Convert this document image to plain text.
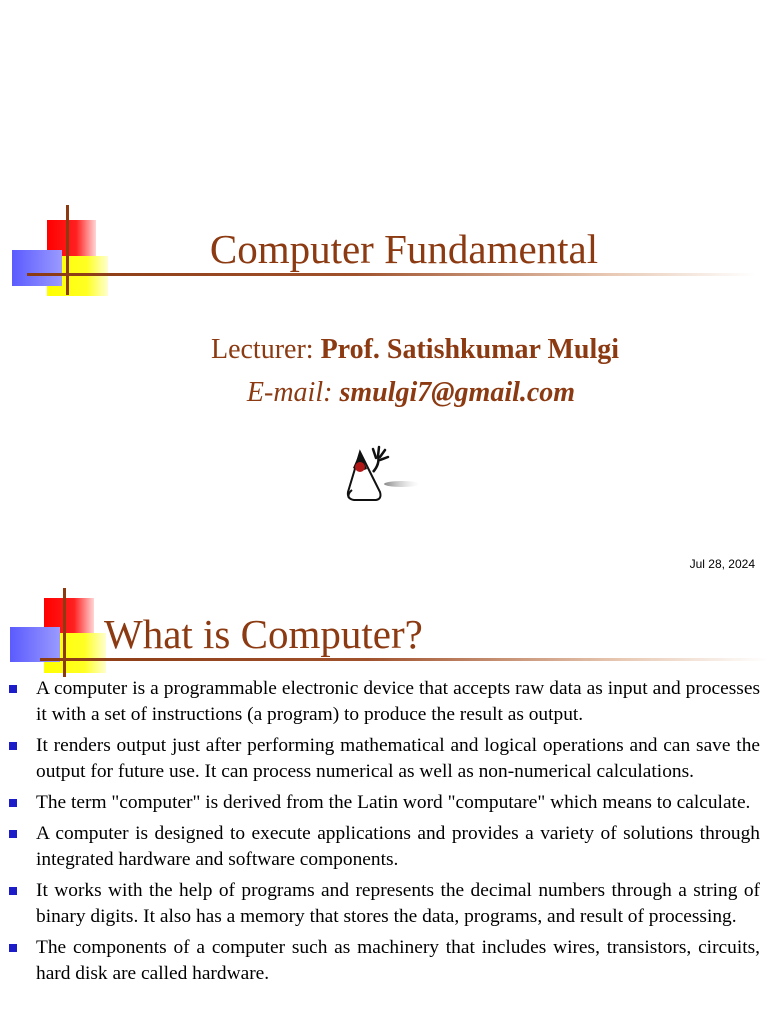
Computer Fundamental
Lecturer: Prof. Satishkumar Mulgi
E-mail: smulgi7@gmail.com
Jul 28, 2024
What is Computer?
A computer is a programmable electronic device that accepts raw data as input and processes it with a set of instructions (a program) to produce the result as output.
It renders output just after performing mathematical and logical operations and can save the output for future use. It can process numerical as well as non-numerical calculations.
The term "computer" is derived from the Latin word "computare" which means to calculate.
A computer is designed to execute applications and provides a variety of solutions through integrated hardware and software components.
It works with the help of programs and represents the decimal numbers through a string of binary digits. It also has a memory that stores the data, programs, and result of processing.
The components of a computer such as machinery that includes wires, transistors, circuits, hard disk are called hardware.
